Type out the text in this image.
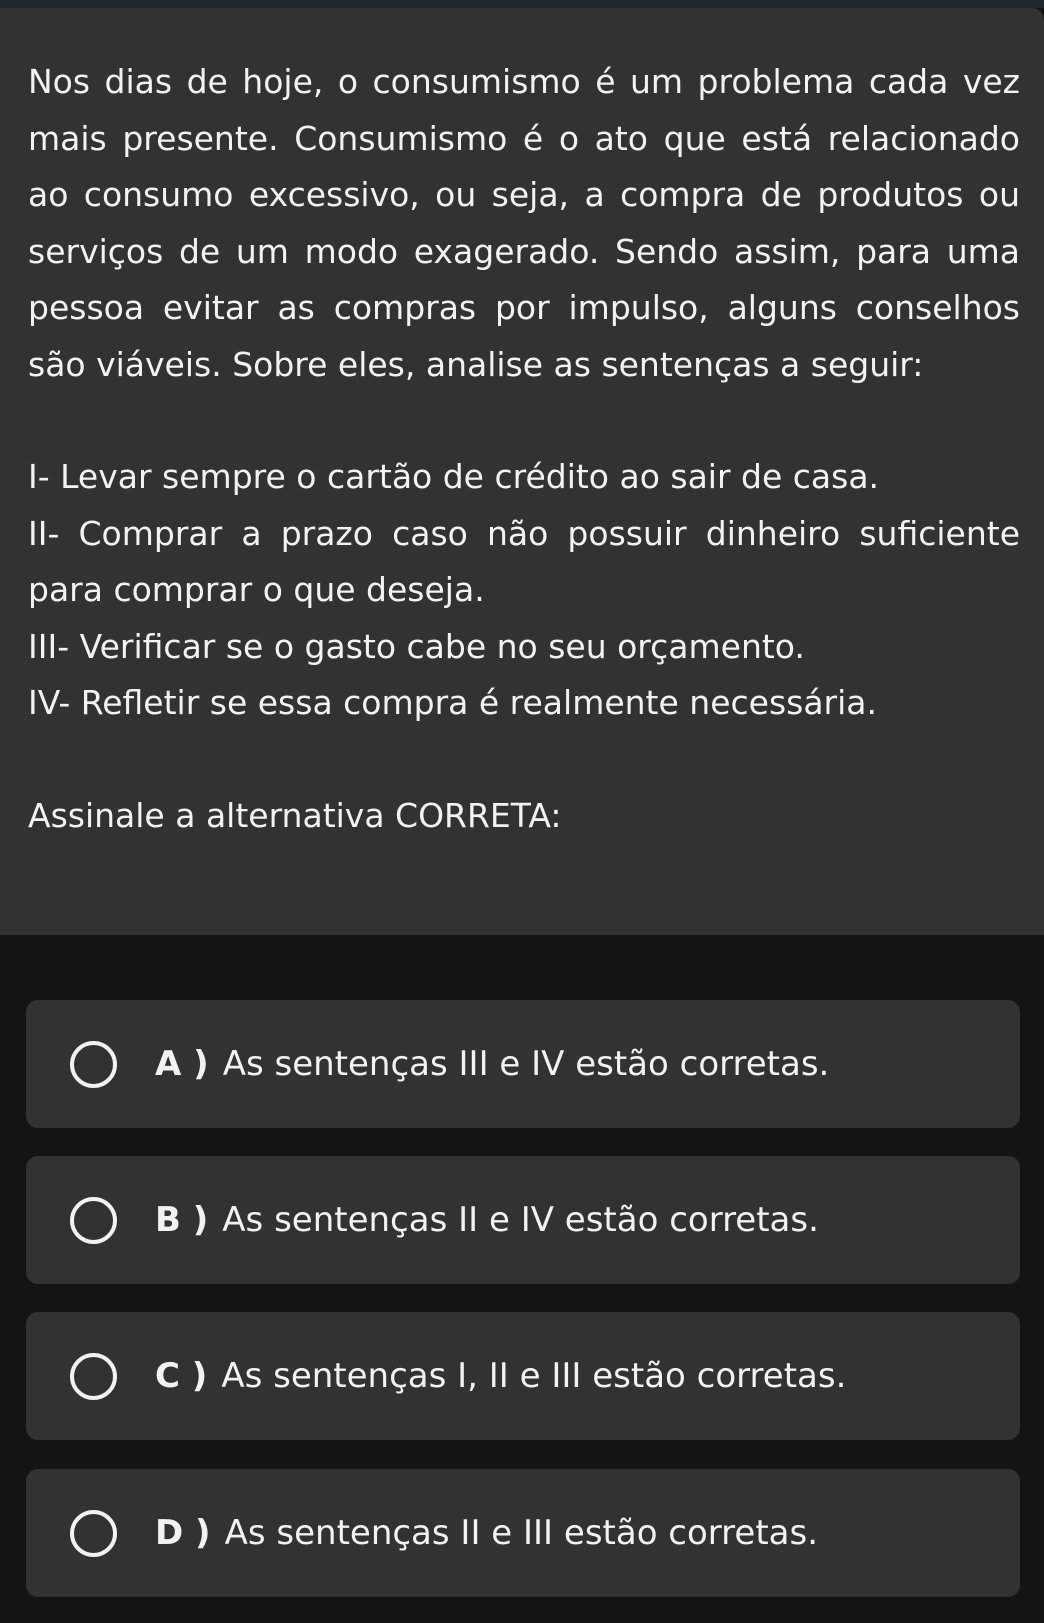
Nos dias de hoje, o consumismo é um problema cada vez mais presente. Consumismo é o ato que está relacionado ao consumo excessivo, ou seja, a compra de produtos ou serviços de um modo exagerado. Sendo assim, para uma pessoa evitar as compras por impulso, alguns conselhos são viáveis. Sobre eles, analise as sentenças a seguir:

I- Levar sempre o cartão de crédito ao sair de casa.

II- Comprar a prazo caso não possuir dinheiro suficiente para comprar o que deseja.

III- Verificar se o gasto cabe no seu orçamento.

IV- Refletir se essa compra é realmente necessária.

Assinale a alternativa CORRETA:

A ) As sentenças III e IV estão corretas.
B ) As sentenças II e IV estão corretas.
C ) As sentenças I, II e III estão corretas.
D ) As sentenças II e III estão corretas.
